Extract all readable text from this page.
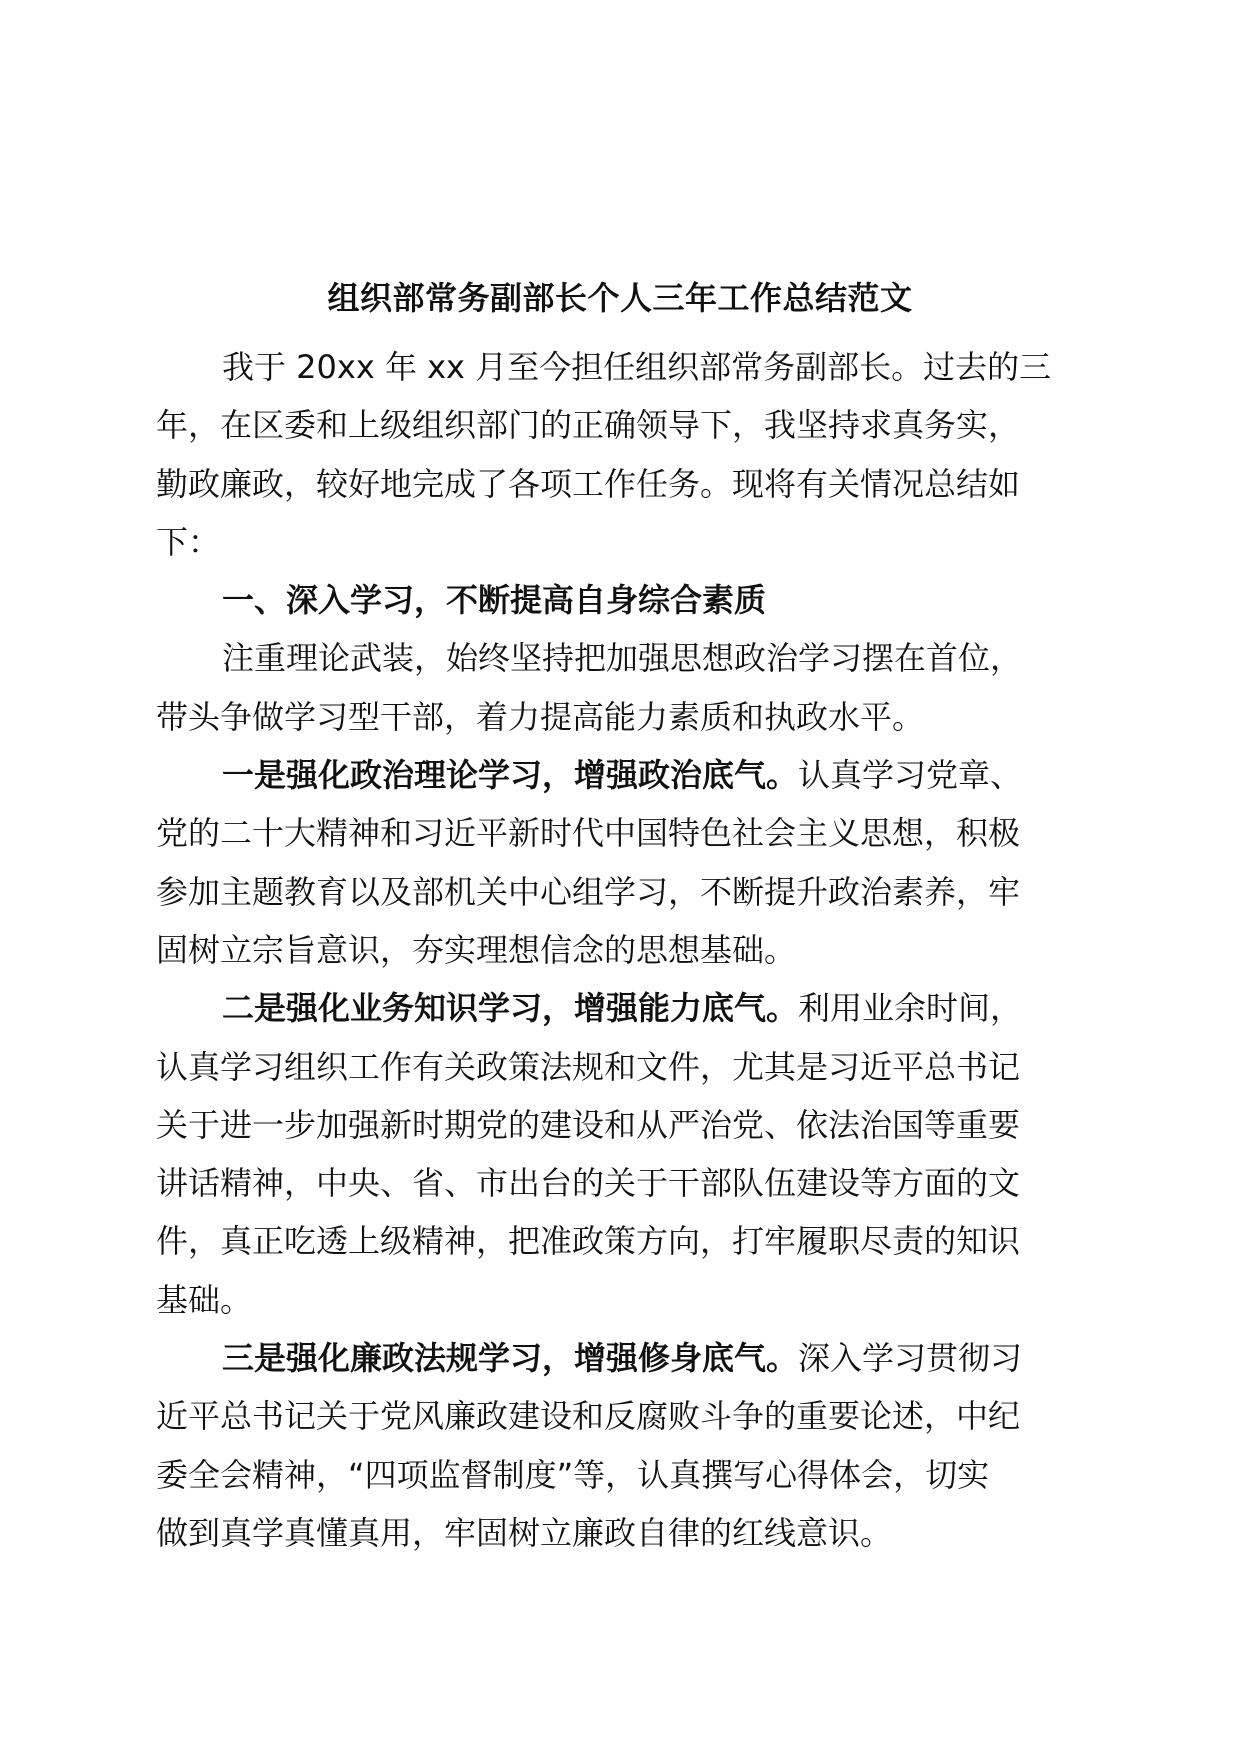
组织部常务副部长个人三年工作总结范文
我于 20xx 年 xx 月至今担任组织部常务副部长。过去的三
年，在区委和上级组织部门的正确领导下，我坚持求真务实，
勤政廉政，较好地完成了各项工作任务。现将有关情况总结如
下：
一、深入学习，不断提高自身综合素质
注重理论武装，始终坚持把加强思想政治学习摆在首位，
带头争做学习型干部，着力提高能力素质和执政水平。
一是强化政治理论学习，增强政治底气。认真学习党章、
党的二十大精神和习近平新时代中国特色社会主义思想，积极
参加主题教育以及部机关中心组学习，不断提升政治素养，牢
固树立宗旨意识，夯实理想信念的思想基础。
二是强化业务知识学习，增强能力底气。利用业余时间，
认真学习组织工作有关政策法规和文件，尤其是习近平总书记
关于进一步加强新时期党的建设和从严治党、依法治国等重要
讲话精神，中央、省、市出台的关于干部队伍建设等方面的文
件，真正吃透上级精神，把准政策方向，打牢履职尽责的知识
基础。
三是强化廉政法规学习，增强修身底气。深入学习贯彻习
近平总书记关于党风廉政建设和反腐败斗争的重要论述，中纪
委全会精神，“四项监督制度”等，认真撰写心得体会，切实
做到真学真懂真用，牢固树立廉政自律的红线意识。
